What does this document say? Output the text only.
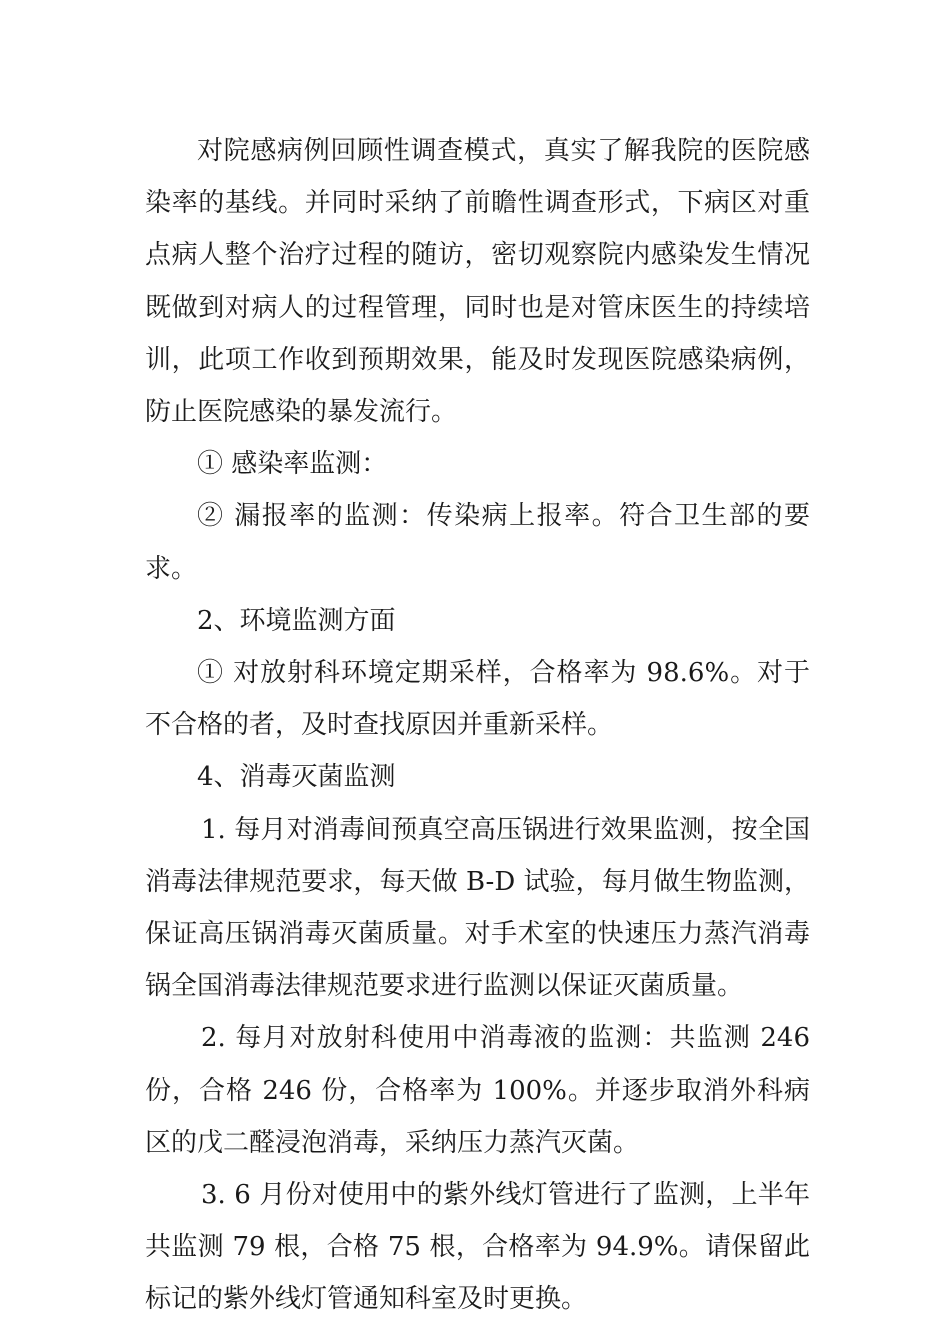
对院感病例回顾性调查模式，真实了解我院的医院感染率的基线。并同时采纳了前瞻性调查形式，下病区对重点病人整个治疗过程的随访，密切观察院内感染发生情况既做到对病人的过程管理，同时也是对管床医生的持续培训，此项工作收到预期效果，能及时发现医院感染病例，防止医院感染的暴发流行。

① 感染率监测：

② 漏报率的监测：传染病上报率。符合卫生部的要求。

2、环境监测方面

① 对放射科环境定期采样，合格率为 98.6%。对于不合格的者，及时查找原因并重新采样。

4、消毒灭菌监测

1. 每月对消毒间预真空高压锅进行效果监测，按全国消毒法律规范要求，每天做 B-D 试验，每月做生物监测，保证高压锅消毒灭菌质量。对手术室的快速压力蒸汽消毒锅全国消毒法律规范要求进行监测以保证灭菌质量。

2. 每月对放射科使用中消毒液的监测：共监测 246 份，合格 246 份，合格率为 100%。并逐步取消外科病区的戊二醛浸泡消毒，采纳压力蒸汽灭菌。

3. 6 月份对使用中的紫外线灯管进行了监测，上半年共监测 79 根，合格 75 根，合格率为 94.9%。请保留此标记的紫外线灯管通知科室及时更换。
